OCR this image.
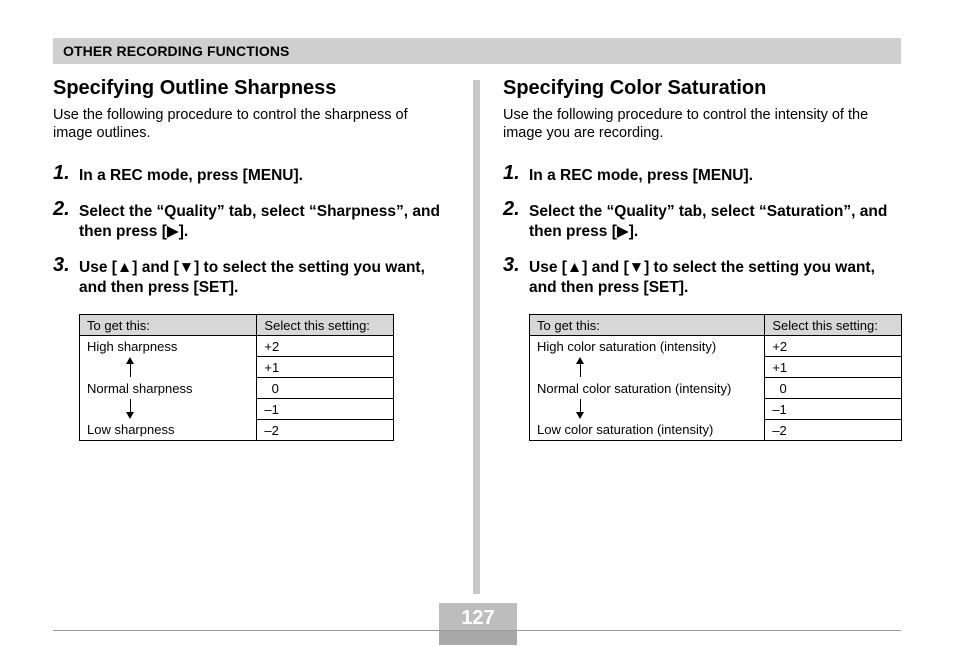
OTHER RECORDING FUNCTIONS
Specifying Outline Sharpness

Use the following procedure to control the sharpness of image outlines.

1. In a REC mode, press [MENU].
2. Select the “Quality” tab, select “Sharpness”, and then press [▶].
3. Use [▲] and [▼] to select the setting you want, and then press [SET].
To get this:	Select this setting:
High sharpness	+2

	+1
Normal sharpness	0

	–1
Low sharpness	–2
Specifying Color Saturation

Use the following procedure to control the intensity of the image you are recording.

1. In a REC mode, press [MENU].
2. Select the “Quality” tab, select “Saturation”, and then press [▶].
3. Use [▲] and [▼] to select the setting you want, and then press [SET].
To get this:	Select this setting:
High color saturation (intensity)	+2

	+1
Normal color saturation (intensity)	0

	–1
Low color saturation (intensity)	–2
127
